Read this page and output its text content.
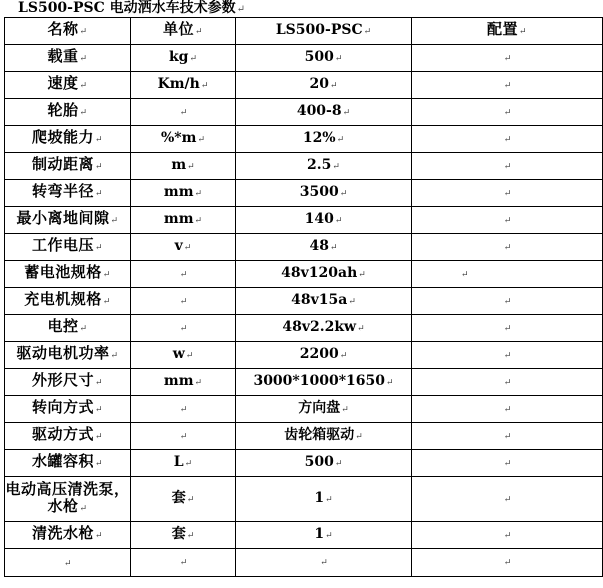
LS500-PSC 电动洒水车技术参数↵
名称↵	单位↵	LS500-PSC↵	配置↵
载重↵	kg↵	500↵	↵
速度↵	Km/h↵	20↵	↵
轮胎↵	↵	400-8↵	↵
爬坡能力↵	%*m↵	12%↵	↵
制动距离↵	m↵	2.5↵	↵
转弯半径↵	mm↵	3500↵	↵
最小离地间隙↵	mm↵	140↵	↵
工作电压↵	v↵	48↵	↵
蓄电池规格↵	↵	48v120ah↵	↵
充电机规格↵	↵	48v15a↵	↵
电控↵	↵	48v2.2kw↵	↵
驱动电机功率↵	w↵	2200↵	↵
外形尺寸↵	mm↵	3000*1000*1650↵	↵
转向方式↵	↵	方向盘↵	↵
驱动方式↵	↵	齿轮箱驱动↵	↵
水罐容积↵	L↵	500↵	↵
电动高压清洗泵，水枪↵	套↵	1↵	↵
清洗水枪↵	套↵	1↵	↵
↵	↵	↵	↵
